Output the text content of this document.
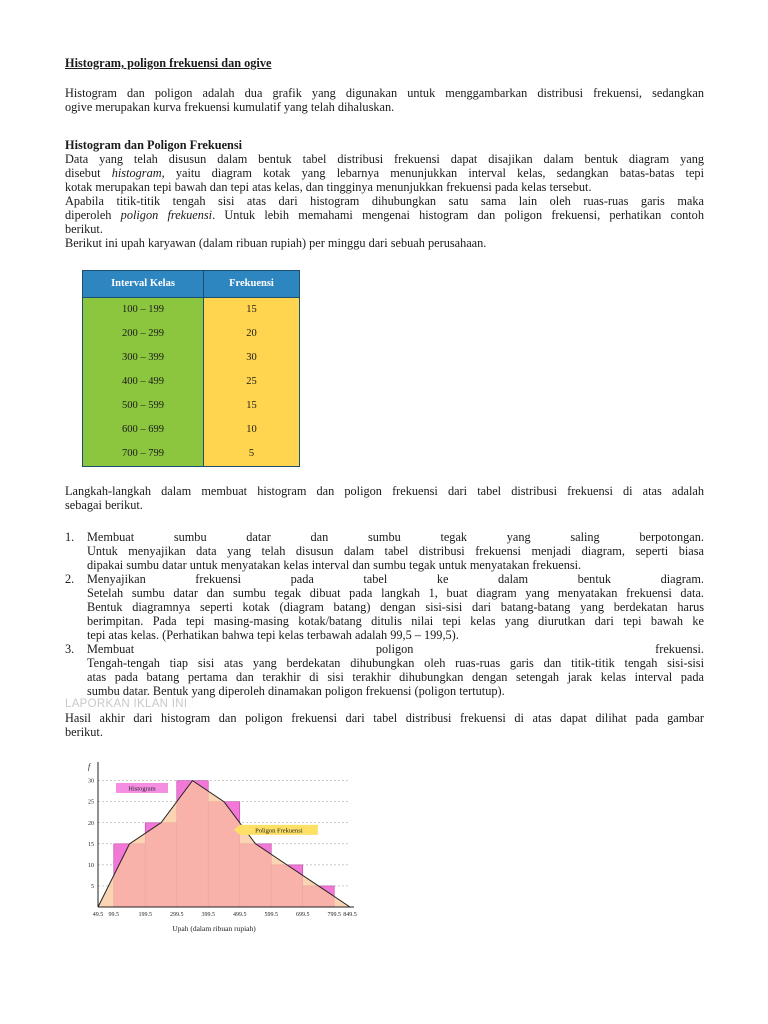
Histogram, poligon frekuensi dan ogive
Histogram dan poligon adalah dua grafik yang digunakan untuk menggambarkan distribusi frekuensi, sedangkan
ogive merupakan kurva frekuensi kumulatif yang telah dihaluskan.
Histogram dan Poligon Frekuensi
Data yang telah disusun dalam bentuk tabel distribusi frekuensi dapat disajikan dalam bentuk diagram yang
disebut histogram, yaitu diagram kotak yang lebarnya menunjukkan interval kelas, sedangkan batas-batas tepi
kotak merupakan tepi bawah dan tepi atas kelas, dan tingginya menunjukkan frekuensi pada kelas tersebut.
Apabila titik-titik tengah sisi atas dari histogram dihubungkan satu sama lain oleh ruas-ruas garis maka
diperoleh poligon frekuensi. Untuk lebih memahami mengenai histogram dan poligon frekuensi, perhatikan contoh
berikut.
Berikut ini upah karyawan (dalam ribuan rupiah) per minggu dari sebuah perusahaan.
Interval Kelas	Frekuensi
100 – 199	15
200 – 299	20
300 – 399	30
400 – 499	25
500 – 599	15
600 – 699	10
700 – 799	5
Langkah-langkah dalam membuat histogram dan poligon frekuensi dari tabel distribusi frekuensi di atas adalah
sebagai berikut.
1. Membuat	sumbu	datar	dan	sumbu	tegak	yang	saling	berpotongan.
Untuk menyajikan data yang telah disusun dalam tabel distribusi frekuensi menjadi diagram, seperti biasa
dipakai sumbu datar untuk menyatakan kelas interval dan sumbu tegak untuk menyatakan frekuensi.
2. Menyajikan	frekuensi	pada	tabel	ke	dalam	bentuk	diagram.
Setelah sumbu datar dan sumbu tegak dibuat pada langkah 1, buat diagram yang menyatakan frekuensi data.
Bentuk diagramnya seperti kotak (diagram batang) dengan sisi-sisi dari batang-batang yang berdekatan harus
berimpitan. Pada tepi masing-masing kotak/batang ditulis nilai tepi kelas yang diurutkan dari tepi bawah ke
tepi atas kelas. (Perhatikan bahwa tepi kelas terbawah adalah 99,5 – 199,5).
3. Membuat	poligon	frekuensi.
Tengah-tengah tiap sisi atas yang berdekatan dihubungkan oleh ruas-ruas garis dan titik-titik tengah sisi-sisi
atas pada batang pertama dan terakhir di sisi terakhir dihubungkan dengan setengah jarak kelas interval pada
sumbu datar. Bentuk yang diperoleh dinamakan poligon frekuensi (poligon tertutup).
LAPORKAN IKLAN INI
Hasil akhir dari histogram dan poligon frekuensi dari tabel distribusi frekuensi di atas dapat dilihat pada gambar
berikut.
5
10
15
20
25
30
49.5 99.5	199.5	299.5	399.5	499.5	599.5	699.5	799.5 849.5
f
Upah (dalam ribuan rupiah)
Histogram
Poligon Frekuensi
